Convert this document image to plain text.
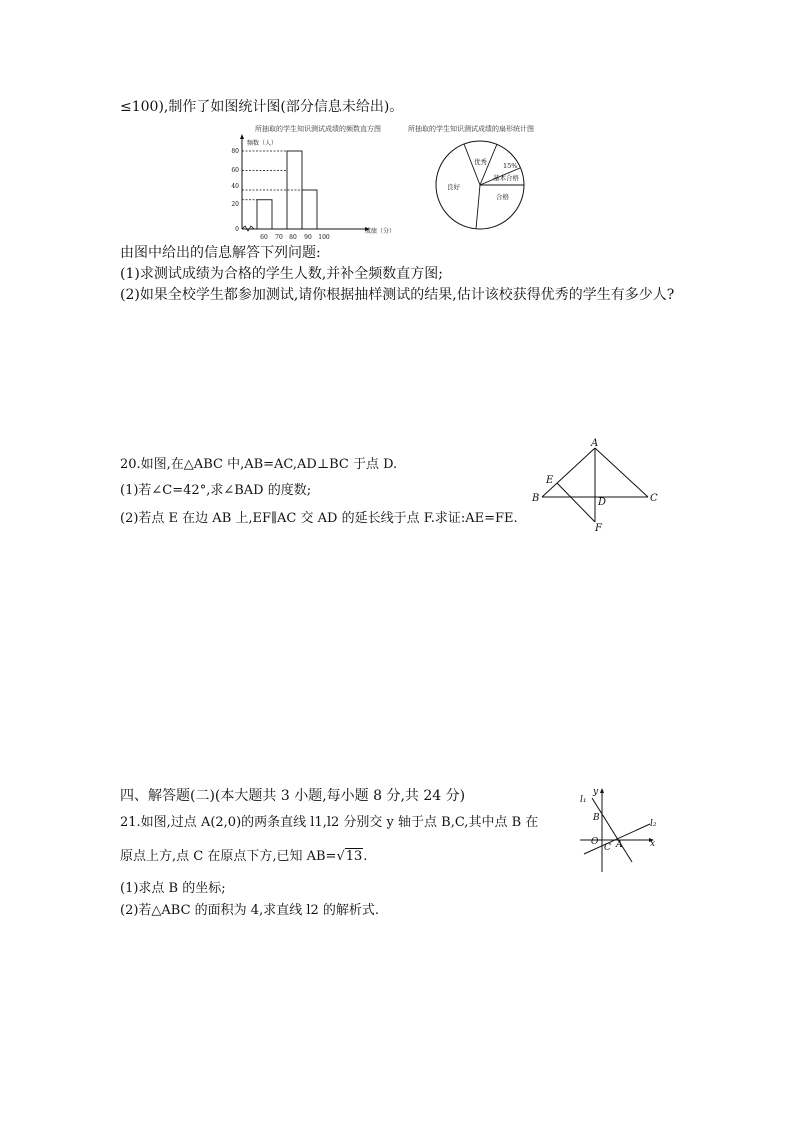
≤100),制作了如图统计图(部分信息未给出)。
所抽取的学生知识测试成绩的频数直方图	所抽取的学生知识测试成绩的扇形统计图
80
60
40
20
0
60 70 80 90 100
频数（人）
成绩（分）
优秀 15%
基本合格
良好
合格
由图中给出的信息解答下列问题:
(1)求测试成绩为合格的学生人数,并补全频数直方图;
(2)如果全校学生都参加测试,请你根据抽样测试的结果,估计该校获得优秀的学生有多少人?
20.如图,在△ABC 中,AB=AC,AD⊥BC 于点 D.
(1)若∠C=42°,求∠BAD 的度数;
(2)若点 E 在边 AB 上,EF∥AC 交 AD 的延长线于点 F.求证:AE=FE.
A
B	C
D
E
F
四、解答题(二)(本大题共 3 小题,每小题 8 分,共 24 分)
21.如图,过点 A(2,0)的两条直线 l1,l2 分别交 y 轴于点 B,C,其中点 B 在
原点上方,点 C 在原点下方,已知 AB=√13.
(1)求点 B 的坐标;
(2)若△ABC 的面积为 4,求直线 l2 的解析式.
y
x
l₁
l₂
B
O
C A
